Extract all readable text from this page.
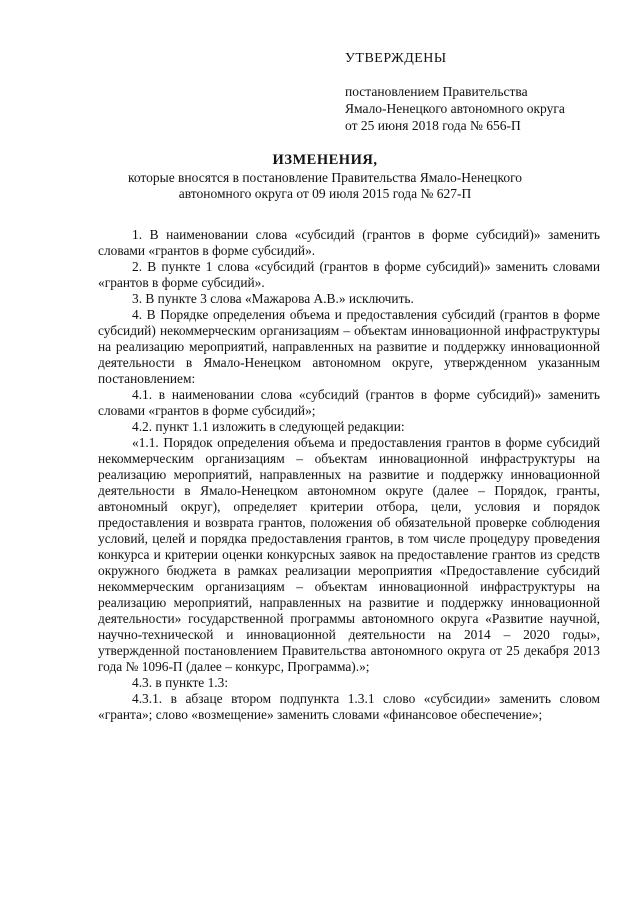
УТВЕРЖДЕНЫ
постановлением Правительства
Ямало-Ненецкого автономного округа
от 25 июня 2018 года № 656-П
ИЗМЕНЕНИЯ,
которые вносятся в постановление Правительства Ямало-Ненецкого
автономного округа от 09 июля 2015 года № 627-П

1. В наименовании слова «субсидий (грантов в форме субсидий)» заменить словами «грантов в форме субсидий».

2. В пункте 1 слова «субсидий (грантов в форме субсидий)» заменить словами «грантов в форме субсидий».

3. В пункте 3 слова «Мажарова А.В.» исключить.

4. В Порядке определения объема и предоставления субсидий (грантов в форме субсидий) некоммерческим организациям – объектам инновационной инфраструктуры на реализацию мероприятий, направленных на развитие и поддержку инновационной деятельности в Ямало-Ненецком автономном округе, утвержденном указанным постановлением:

4.1. в наименовании слова «субсидий (грантов в форме субсидий)» заменить словами «грантов в форме субсидий»;

4.2. пункт 1.1 изложить в следующей редакции:

«1.1. Порядок определения объема и предоставления грантов в форме субсидий некоммерческим организациям – объектам инновационной инфраструктуры на реализацию мероприятий, направленных на развитие и поддержку инновационной деятельности в Ямало-Ненецком автономном округе (далее – Порядок, гранты, автономный округ), определяет критерии отбора, цели, условия и порядок предоставления и возврата грантов, положения об обязательной проверке соблюдения условий, целей и порядка предоставления грантов, в том числе процедуру проведения конкурса и критерии оценки конкурсных заявок на предоставление грантов из средств окружного бюджета в рамках реализации мероприятия «Предоставление субсидий некоммерческим организациям – объектам инновационной инфраструктуры на реализацию мероприятий, направленных на развитие и поддержку инновационной деятельности» государственной программы автономного округа «Развитие научной, научно-технической и инновационной деятельности на 2014 – 2020 годы», утвержденной постановлением Правительства автономного округа от 25 декабря 2013 года № 1096-П (далее – конкурс, Программа).»;

4.3. в пункте 1.3:

4.3.1. в абзаце втором подпункта 1.3.1 слово «субсидии» заменить словом «гранта»; слово «возмещение» заменить словами «финансовое обеспечение»;
